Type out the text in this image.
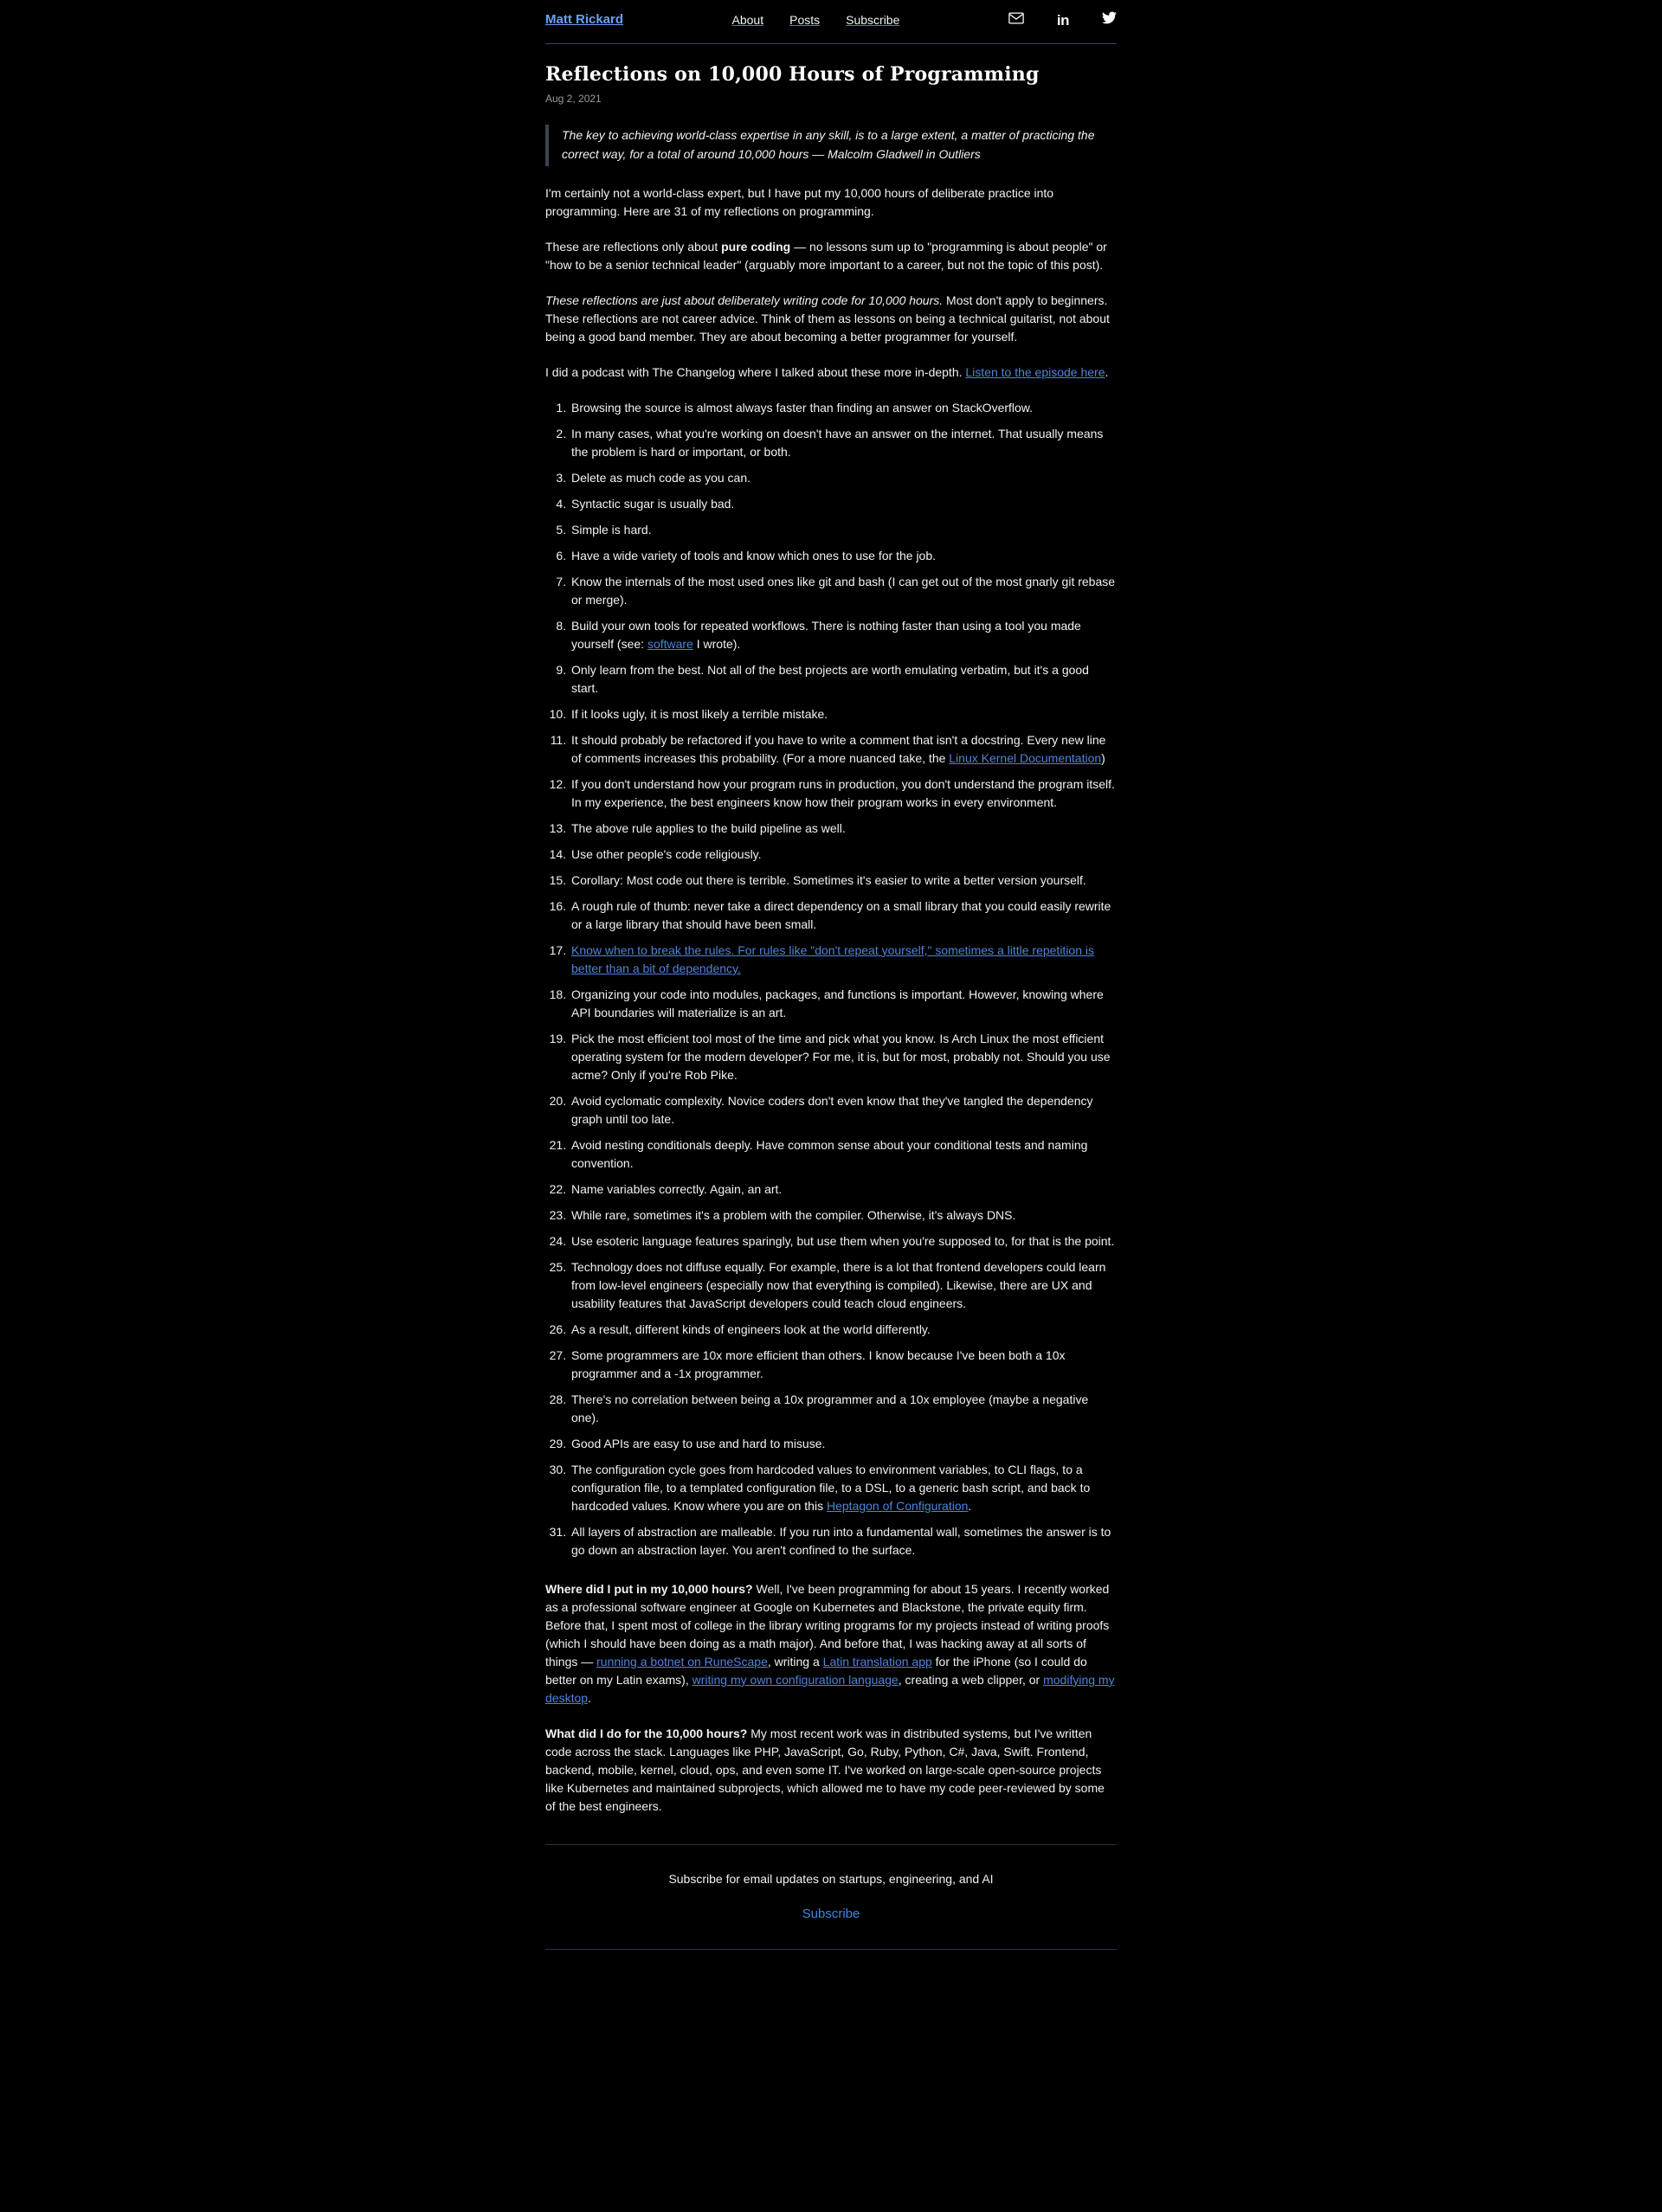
Matt Rickard	About Posts Subscribe	in
Reflections on 10,000 Hours of Programming
Aug 2, 2021
The key to achieving world-class expertise in any skill, is to a large extent, a matter of practicing the correct way, for a total of around 10,000 hours — Malcolm Gladwell in Outliers

I'm certainly not a world-class expert, but I have put my 10,000 hours of deliberate practice into programming. Here are 31 of my reflections on programming.

These are reflections only about pure coding — no lessons sum up to "programming is about people" or "how to be a senior technical leader" (arguably more important to a career, but not the topic of this post).

These reflections are just about deliberately writing code for 10,000 hours. Most don't apply to beginners. These reflections are not career advice. Think of them as lessons on being a technical guitarist, not about being a good band member. They are about becoming a better programmer for yourself.

I did a podcast with The Changelog where I talked about these more in-depth. Listen to the episode here.

1. Browsing the source is almost always faster than finding an answer on StackOverflow.
2. In many cases, what you're working on doesn't have an answer on the internet. That usually means the problem is hard or important, or both.
3. Delete as much code as you can.
4. Syntactic sugar is usually bad.
5. Simple is hard.
6. Have a wide variety of tools and know which ones to use for the job.
7. Know the internals of the most used ones like git and bash (I can get out of the most gnarly git rebase or merge).
8. Build your own tools for repeated workflows. There is nothing faster than using a tool you made yourself (see: software I wrote).
9. Only learn from the best. Not all of the best projects are worth emulating verbatim, but it's a good start.
10. If it looks ugly, it is most likely a terrible mistake.
11. It should probably be refactored if you have to write a comment that isn't a docstring. Every new line of comments increases this probability. (For a more nuanced take, the Linux Kernel Documentation)
12. If you don't understand how your program runs in production, you don't understand the program itself. In my experience, the best engineers know how their program works in every environment.
13. The above rule applies to the build pipeline as well.
14. Use other people's code religiously.
15. Corollary: Most code out there is terrible. Sometimes it's easier to write a better version yourself.
16. A rough rule of thumb: never take a direct dependency on a small library that you could easily rewrite or a large library that should have been small.
17. Know when to break the rules. For rules like "don't repeat yourself," sometimes a little repetition is better than a bit of dependency.
18. Organizing your code into modules, packages, and functions is important. However, knowing where API boundaries will materialize is an art.
19. Pick the most efficient tool most of the time and pick what you know. Is Arch Linux the most efficient operating system for the modern developer? For me, it is, but for most, probably not. Should you use acme? Only if you're Rob Pike.
20. Avoid cyclomatic complexity. Novice coders don't even know that they've tangled the dependency graph until too late.
21. Avoid nesting conditionals deeply. Have common sense about your conditional tests and naming convention.
22. Name variables correctly. Again, an art.
23. While rare, sometimes it's a problem with the compiler. Otherwise, it's always DNS.
24. Use esoteric language features sparingly, but use them when you're supposed to, for that is the point.
25. Technology does not diffuse equally. For example, there is a lot that frontend developers could learn from low-level engineers (especially now that everything is compiled). Likewise, there are UX and usability features that JavaScript developers could teach cloud engineers.
26. As a result, different kinds of engineers look at the world differently.
27. Some programmers are 10x more efficient than others. I know because I've been both a 10x programmer and a -1x programmer.
28. There's no correlation between being a 10x programmer and a 10x employee (maybe a negative one).
29. Good APIs are easy to use and hard to misuse.
30. The configuration cycle goes from hardcoded values to environment variables, to CLI flags, to a configuration file, to a templated configuration file, to a DSL, to a generic bash script, and back to hardcoded values. Know where you are on this Heptagon of Configuration.
31. All layers of abstraction are malleable. If you run into a fundamental wall, sometimes the answer is to go down an abstraction layer. You aren't confined to the surface.

Where did I put in my 10,000 hours? Well, I've been programming for about 15 years. I recently worked as a professional software engineer at Google on Kubernetes and Blackstone, the private equity firm. Before that, I spent most of college in the library writing programs for my projects instead of writing proofs (which I should have been doing as a math major). And before that, I was hacking away at all sorts of things — running a botnet on RuneScape, writing a Latin translation app for the iPhone (so I could do better on my Latin exams), writing my own configuration language, creating a web clipper, or modifying my desktop.

What did I do for the 10,000 hours? My most recent work was in distributed systems, but I've written code across the stack. Languages like PHP, JavaScript, Go, Ruby, Python, C#, Java, Swift. Frontend, backend, mobile, kernel, cloud, ops, and even some IT. I've worked on large-scale open-source projects like Kubernetes and maintained subprojects, which allowed me to have my code peer-reviewed by some of the best engineers.

Subscribe for email updates on startups, engineering, and AI
Subscribe
